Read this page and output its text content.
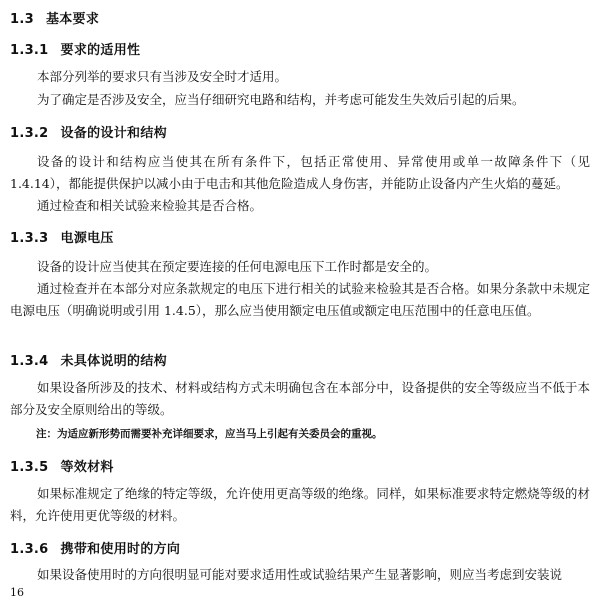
1.3 基本要求
1.3.1 要求的适用性

本部分列举的要求只有当涉及安全时才适用。

为了确定是否涉及安全，应当仔细研究电路和结构，并考虑可能发生失效后引起的后果。

1.3.2 设备的设计和结构

设备的设计和结构应当使其在所有条件下，包括正常使用、异常使用或单一故障条件下（见 1.4.14），都能提供保护以减小由于电击和其他危险造成人身伤害，并能防止设备内产生火焰的蔓延。

通过检查和相关试验来检验其是否合格。

1.3.3 电源电压

设备的设计应当使其在预定要连接的任何电源电压下工作时都是安全的。

通过检查并在本部分对应条款规定的电压下进行相关的试验来检验其是否合格。如果分条款中未规定电源电压（明确说明或引用 1.4.5），那么应当使用额定电压值或额定电压范围中的任意电压值。

1.3.4 未具体说明的结构

如果设备所涉及的技术、材料或结构方式未明确包含在本部分中，设备提供的安全等级应当不低于本部分及安全原则给出的等级。

注：为适应新形势而需要补充详细要求，应当马上引起有关委员会的重视。

1.3.5 等效材料

如果标准规定了绝缘的特定等级，允许使用更高等级的绝缘。同样，如果标准要求特定燃烧等级的材料，允许使用更优等级的材料。

1.3.6 携带和使用时的方向

如果设备使用时的方向很明显可能对要求适用性或试验结果产生显著影响，则应当考虑到安装说

16
